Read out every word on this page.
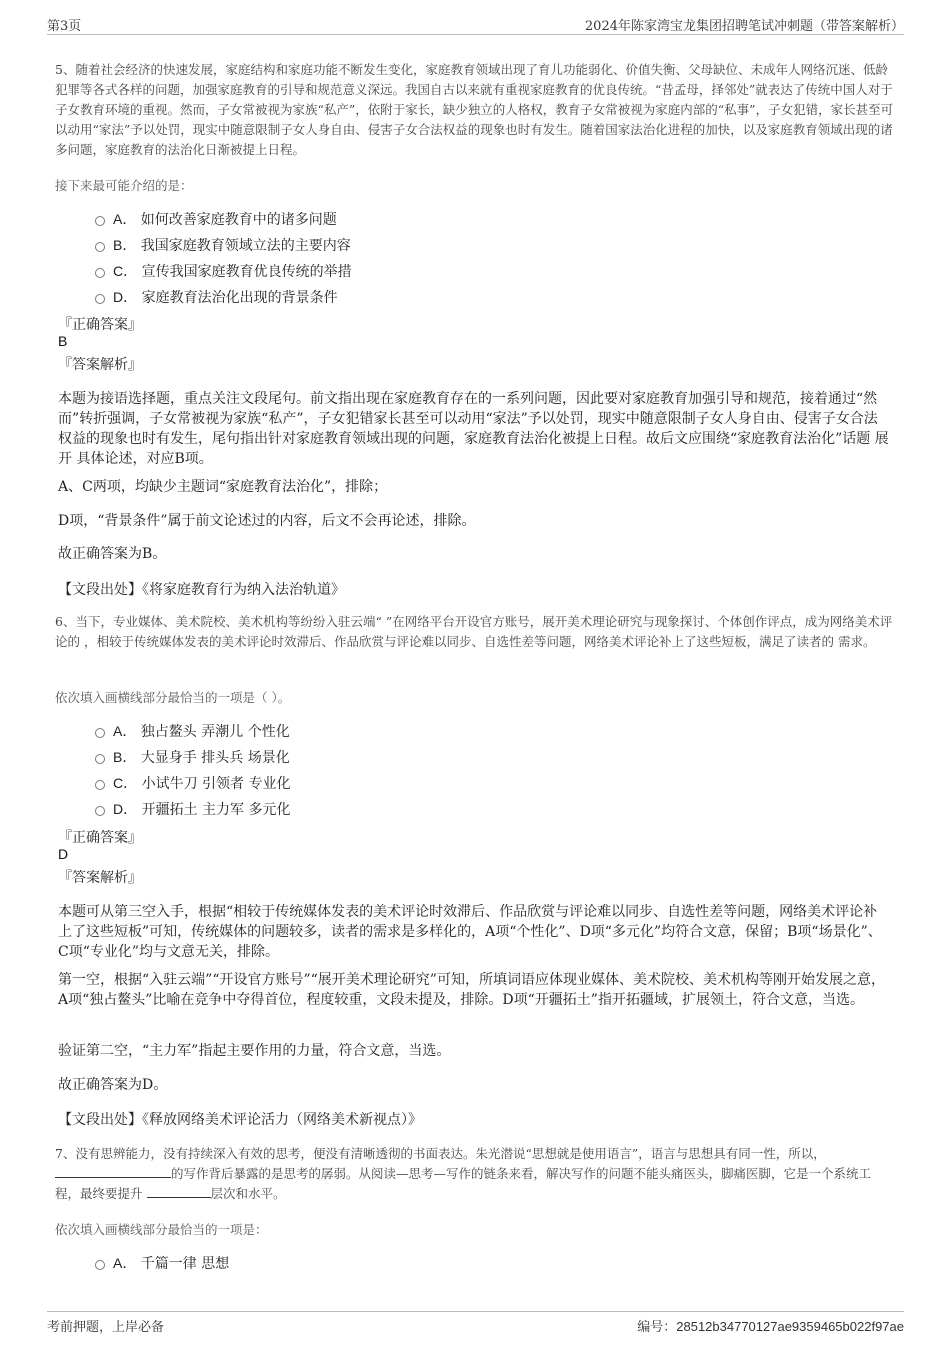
第3页	2024年陈家湾宝龙集团招聘笔试冲刺题（带答案解析）
5、随着社会经济的快速发展，家庭结构和家庭功能不断发生变化，家庭教育领域出现了育儿功能弱化、价值失衡、父母缺位、未成年人网络沉迷、低龄犯罪等各式各样的问题，加强家庭教育的引导和规范意义深远。我国自古以来就有重视家庭教育的优良传统。“昔孟母，择邻处”就表达了传统中国人对于子女教育环境的重视。然而，子女常被视为家族“私产”，依附于家长，缺少独立的人格权，教育子女常被视为家庭内部的“私事”，子女犯错，家长甚至可以动用“家法”予以处罚，现实中随意限制子女人身自由、侵害子女合法权益的现象也时有发生。随着国家法治化进程的加快，以及家庭教育领域出现的诸多问题，家庭教育的法治化日渐被提上日程。
接下来最可能介绍的是：
A． 如何改善家庭教育中的诸多问题
B． 我国家庭教育领域立法的主要内容
C． 宣传我国家庭教育优良传统的举措
D． 家庭教育法治化出现的背景条件
『正确答案』
B
『答案解析』
本题为接语选择题，重点关注文段尾句。前文指出现在家庭教育存在的一系列问题，因此要对家庭教育加强引导和规范，接着通过“然而”转折强调，子女常被视为家族“私产”，子女犯错家长甚至可以动用“家法”予以处罚，现实中随意限制子女人身自由、侵害子女合法权益的现象也时有发生，尾句指出针对家庭教育领域出现的问题，家庭教育法治化被提上日程。故后文应围绕“家庭教育法治化”话题 展开 具体论述，对应B项。
A、C两项，均缺少主题词“家庭教育法治化”，排除；
D项，“背景条件”属于前文论述过的内容，后文不会再论述，排除。
故正确答案为B。
【文段出处】《将家庭教育行为纳入法治轨道》
6、当下，专业媒体、美术院校、美术机构等纷纷入驻云端“ ”在网络平台开设官方账号，展开美术理论研究与现象探讨、个体创作评点，成为网络美术评论的 ，相较于传统媒体发表的美术评论时效滞后、作品欣赏与评论难以同步、自选性差等问题，网络美术评论补上了这些短板，满足了读者的 需求。
依次填入画横线部分最恰当的一项是（ ）。
A． 独占鳌头 弄潮儿 个性化
B． 大显身手 排头兵 场景化
C． 小试牛刀 引领者 专业化
D． 开疆拓土 主力军 多元化
『正确答案』
D
『答案解析』
本题可从第三空入手，根据“相较于传统媒体发表的美术评论时效滞后、作品欣赏与评论难以同步、自选性差等问题，网络美术评论补上了这些短板”可知，传统媒体的问题较多，读者的需求是多样化的，A项“个性化”、D项“多元化”均符合文意，保留；B项“场景化”、C项“专业化”均与文意无关，排除。
第一空，根据“入驻云端”“开设官方账号”“展开美术理论研究”可知，所填词语应体现业媒体、美术院校、美术机构等刚开始发展之意，A项“独占鳌头”比喻在竞争中夺得首位，程度较重，文段未提及，排除。D项“开疆拓土”指开拓疆域，扩展领土，符合文意，当选。
验证第二空，“主力军”指起主要作用的力量，符合文意，当选。
故正确答案为D。
【文段出处】《释放网络美术评论活力（网络美术新视点）》
7、没有思辨能力，没有持续深入有效的思考，便没有清晰透彻的书面表达。朱光潜说“思想就是使用语言”，语言与思想具有同一性，所以，的写作背后暴露的是思考的孱弱。从阅读—思考—写作的链条来看，解决写作的问题不能头痛医头，脚痛医脚，它是一个系统工程，最终要提升	层次和水平。
依次填入画横线部分最恰当的一项是：
A． 千篇一律 思想
考前押题，上岸必备	编号：28512b34770127ae9359465b022f97ae
